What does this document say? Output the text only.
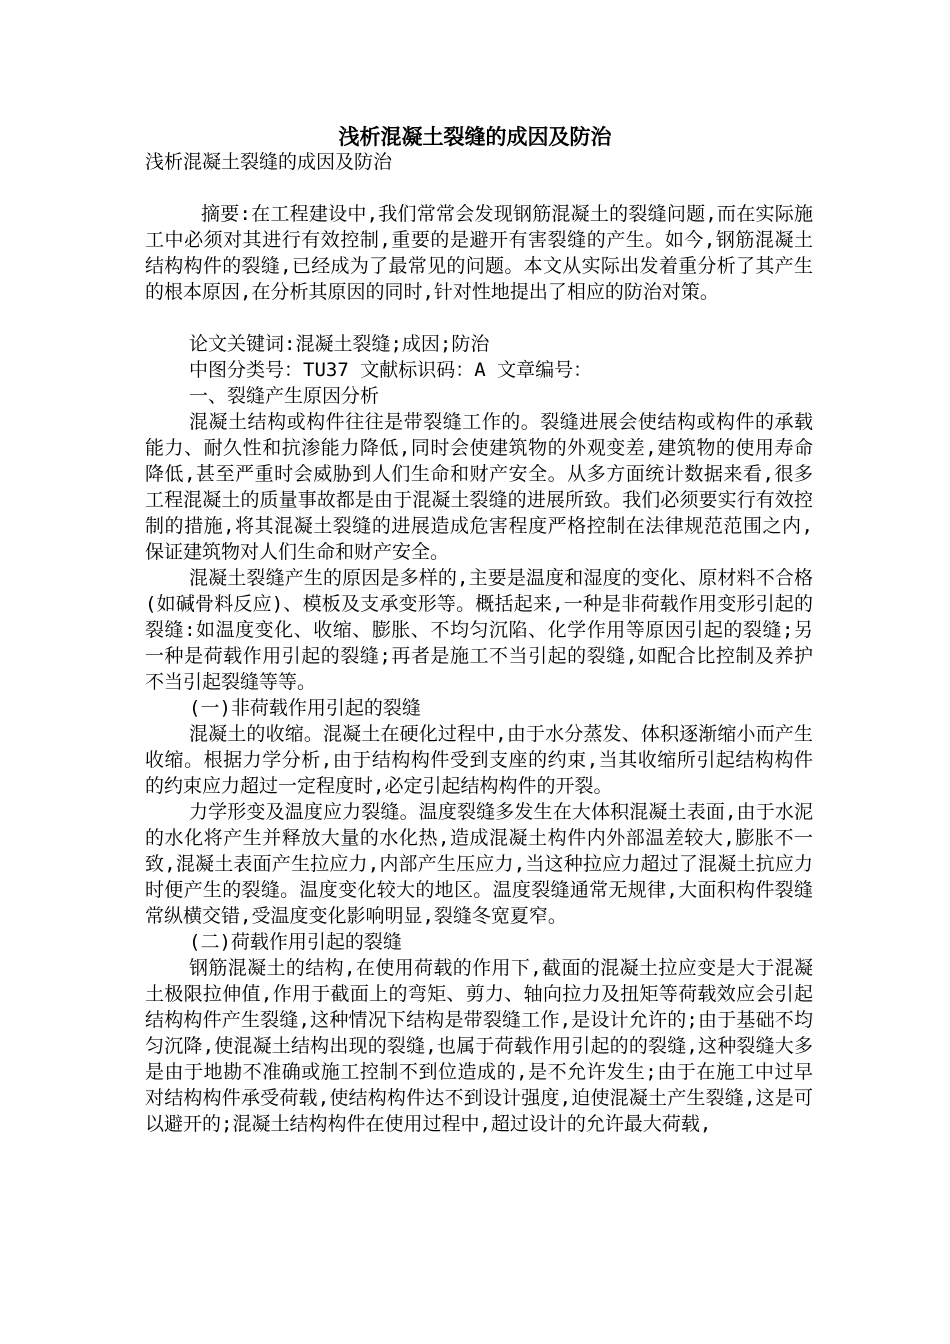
浅析混凝土裂缝的成因及防治

浅析混凝土裂缝的成因及防治

摘要:在工程建设中,我们常常会发现钢筋混凝土的裂缝问题,而在实际施工中必须对其进行有效控制,重要的是避开有害裂缝的产生。如今,钢筋混凝土结构构件的裂缝,已经成为了最常见的问题。本文从实际出发着重分析了其产生的根本原因,在分析其原因的同时,针对性地提出了相应的防治对策。

论文关键词:混凝土裂缝;成因;防治

中图分类号：TU37 文献标识码：A 文章编号：

一、裂缝产生原因分析

混凝土结构或构件往往是带裂缝工作的。裂缝进展会使结构或构件的承载能力、耐久性和抗渗能力降低,同时会使建筑物的外观变差,建筑物的使用寿命降低,甚至严重时会威胁到人们生命和财产安全。从多方面统计数据来看,很多工程混凝土的质量事故都是由于混凝土裂缝的进展所致。我们必须要实行有效控制的措施,将其混凝土裂缝的进展造成危害程度严格控制在法律规范范围之内,保证建筑物对人们生命和财产安全。

混凝土裂缝产生的原因是多样的,主要是温度和湿度的变化、原材料不合格(如碱骨料反应)、模板及支承变形等。概括起来,一种是非荷载作用变形引起的裂缝:如温度变化、收缩、膨胀、不均匀沉陷、化学作用等原因引起的裂缝;另一种是荷载作用引起的裂缝;再者是施工不当引起的裂缝,如配合比控制及养护不当引起裂缝等等。

(一)非荷载作用引起的裂缝

混凝土的收缩。混凝土在硬化过程中,由于水分蒸发、体积逐渐缩小而产生收缩。根据力学分析,由于结构构件受到支座的约束,当其收缩所引起结构构件的约束应力超过一定程度时,必定引起结构构件的开裂。

力学形变及温度应力裂缝。温度裂缝多发生在大体积混凝土表面,由于水泥的水化将产生并释放大量的水化热,造成混凝土构件内外部温差较大,膨胀不一致,混凝土表面产生拉应力,内部产生压应力,当这种拉应力超过了混凝土抗应力时便产生的裂缝。温度变化较大的地区。温度裂缝通常无规律,大面积构件裂缝常纵横交错,受温度变化影响明显,裂缝冬宽夏窄。

(二)荷载作用引起的裂缝

钢筋混凝土的结构,在使用荷载的作用下,截面的混凝土拉应变是大于混凝土极限拉伸值,作用于截面上的弯矩、剪力、轴向拉力及扭矩等荷载效应会引起结构构件产生裂缝,这种情况下结构是带裂缝工作,是设计允许的;由于基础不均匀沉降,使混凝土结构出现的裂缝,也属于荷载作用引起的的裂缝,这种裂缝大多是由于地勘不准确或施工控制不到位造成的,是不允许发生;由于在施工中过早对结构构件承受荷载,使结构构件达不到设计强度,迫使混凝土产生裂缝,这是可以避开的;混凝土结构构件在使用过程中,超过设计的允许最大荷载,
